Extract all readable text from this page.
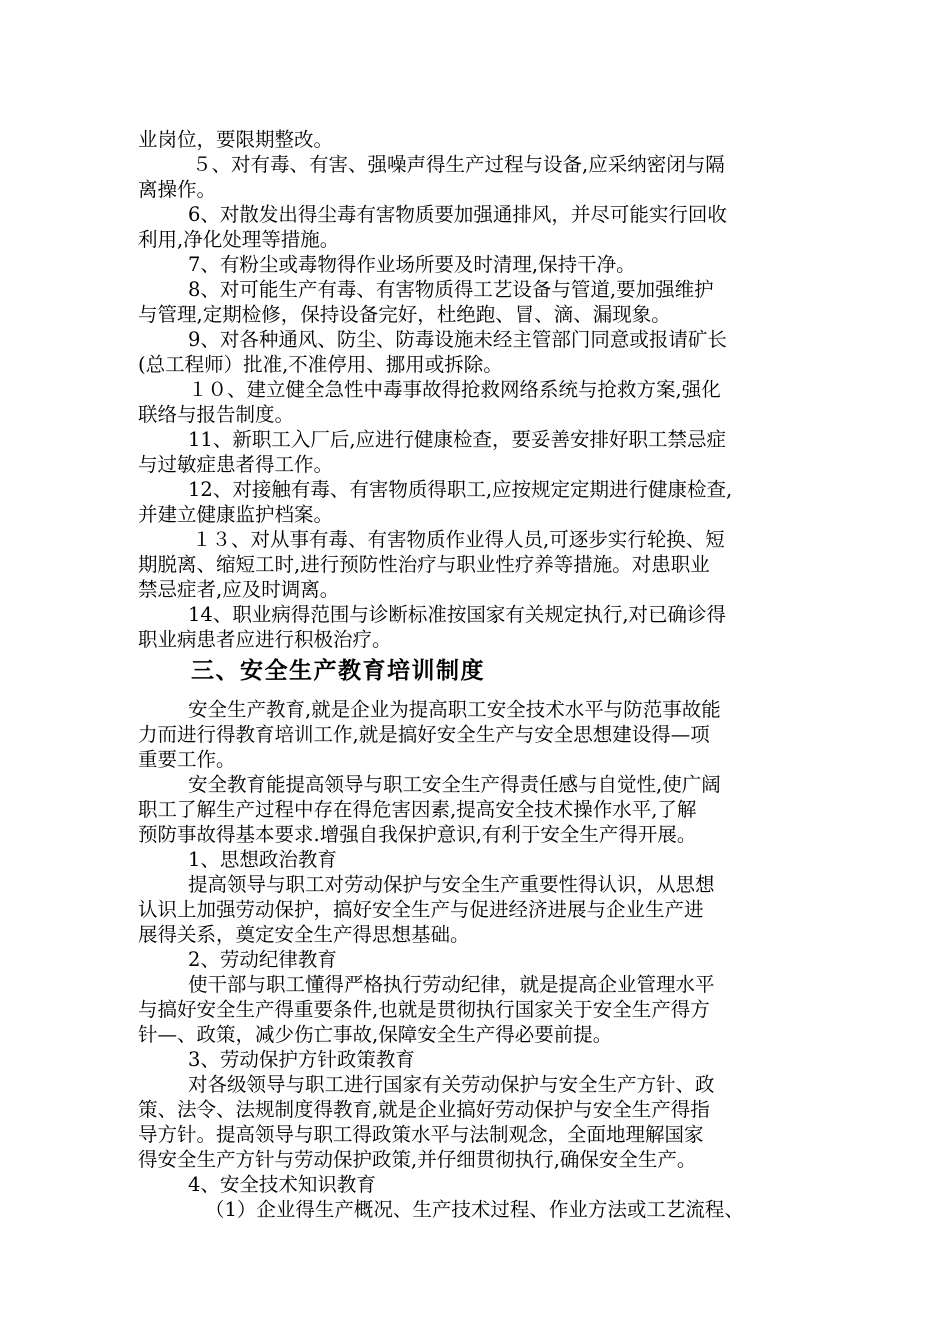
业岗位，要限期整改。
５、对有毒、有害、强噪声得生产过程与设备,应采纳密闭与隔
离操作。
6、对散发出得尘毒有害物质要加强通排风，并尽可能实行回收
利用,净化处理等措施。
7、有粉尘或毒物得作业场所要及时清理,保持干净。
8、对可能生产有毒、有害物质得工艺设备与管道,要加强维护
与管理,定期检修，保持设备完好，杜绝跑、冒、滴、漏现象。
9、对各种通风、防尘、防毒设施未经主管部门同意或报请矿长
(总工程师）批准,不准停用、挪用或拆除。
１０、建立健全急性中毒事故得抢救网络系统与抢救方案,强化
联络与报告制度。
11、新职工入厂后,应进行健康检查，要妥善安排好职工禁忌症
与过敏症患者得工作。
12、对接触有毒、有害物质得职工,应按规定定期进行健康检查,
并建立健康监护档案。
１３、对从事有毒、有害物质作业得人员,可逐步实行轮换、短
期脱离、缩短工时,进行预防性治疗与职业性疗养等措施。对患职业
禁忌症者,应及时调离。
14、职业病得范围与诊断标准按国家有关规定执行,对已确诊得
职业病患者应进行积极治疗。
三、安全生产教育培训制度
安全生产教育,就是企业为提高职工安全技术水平与防范事故能
力而进行得教育培训工作,就是搞好安全生产与安全思想建设得—项
重要工作。
安全教育能提高领导与职工安全生产得责任感与自觉性,使广阔
职工了解生产过程中存在得危害因素,提高安全技术操作水平,了解
预防事故得基本要求.增强自我保护意识,有利于安全生产得开展。
1、思想政治教育
提高领导与职工对劳动保护与安全生产重要性得认识，从思想
认识上加强劳动保护，搞好安全生产与促进经济进展与企业生产进
展得关系，奠定安全生产得思想基础。
2、劳动纪律教育
使干部与职工懂得严格执行劳动纪律，就是提高企业管理水平
与搞好安全生产得重要条件,也就是贯彻执行国家关于安全生产得方
针—、政策，减少伤亡事故,保障安全生产得必要前提。
3、劳动保护方针政策教育
对各级领导与职工进行国家有关劳动保护与安全生产方针、政
策、法令、法规制度得教育,就是企业搞好劳动保护与安全生产得指
导方针。提高领导与职工得政策水平与法制观念，全面地理解国家
得安全生产方针与劳动保护政策,并仔细贯彻执行,确保安全生产。
4、安全技术知识教育
（1）企业得生产概况、生产技术过程、作业方法或工艺流程、
